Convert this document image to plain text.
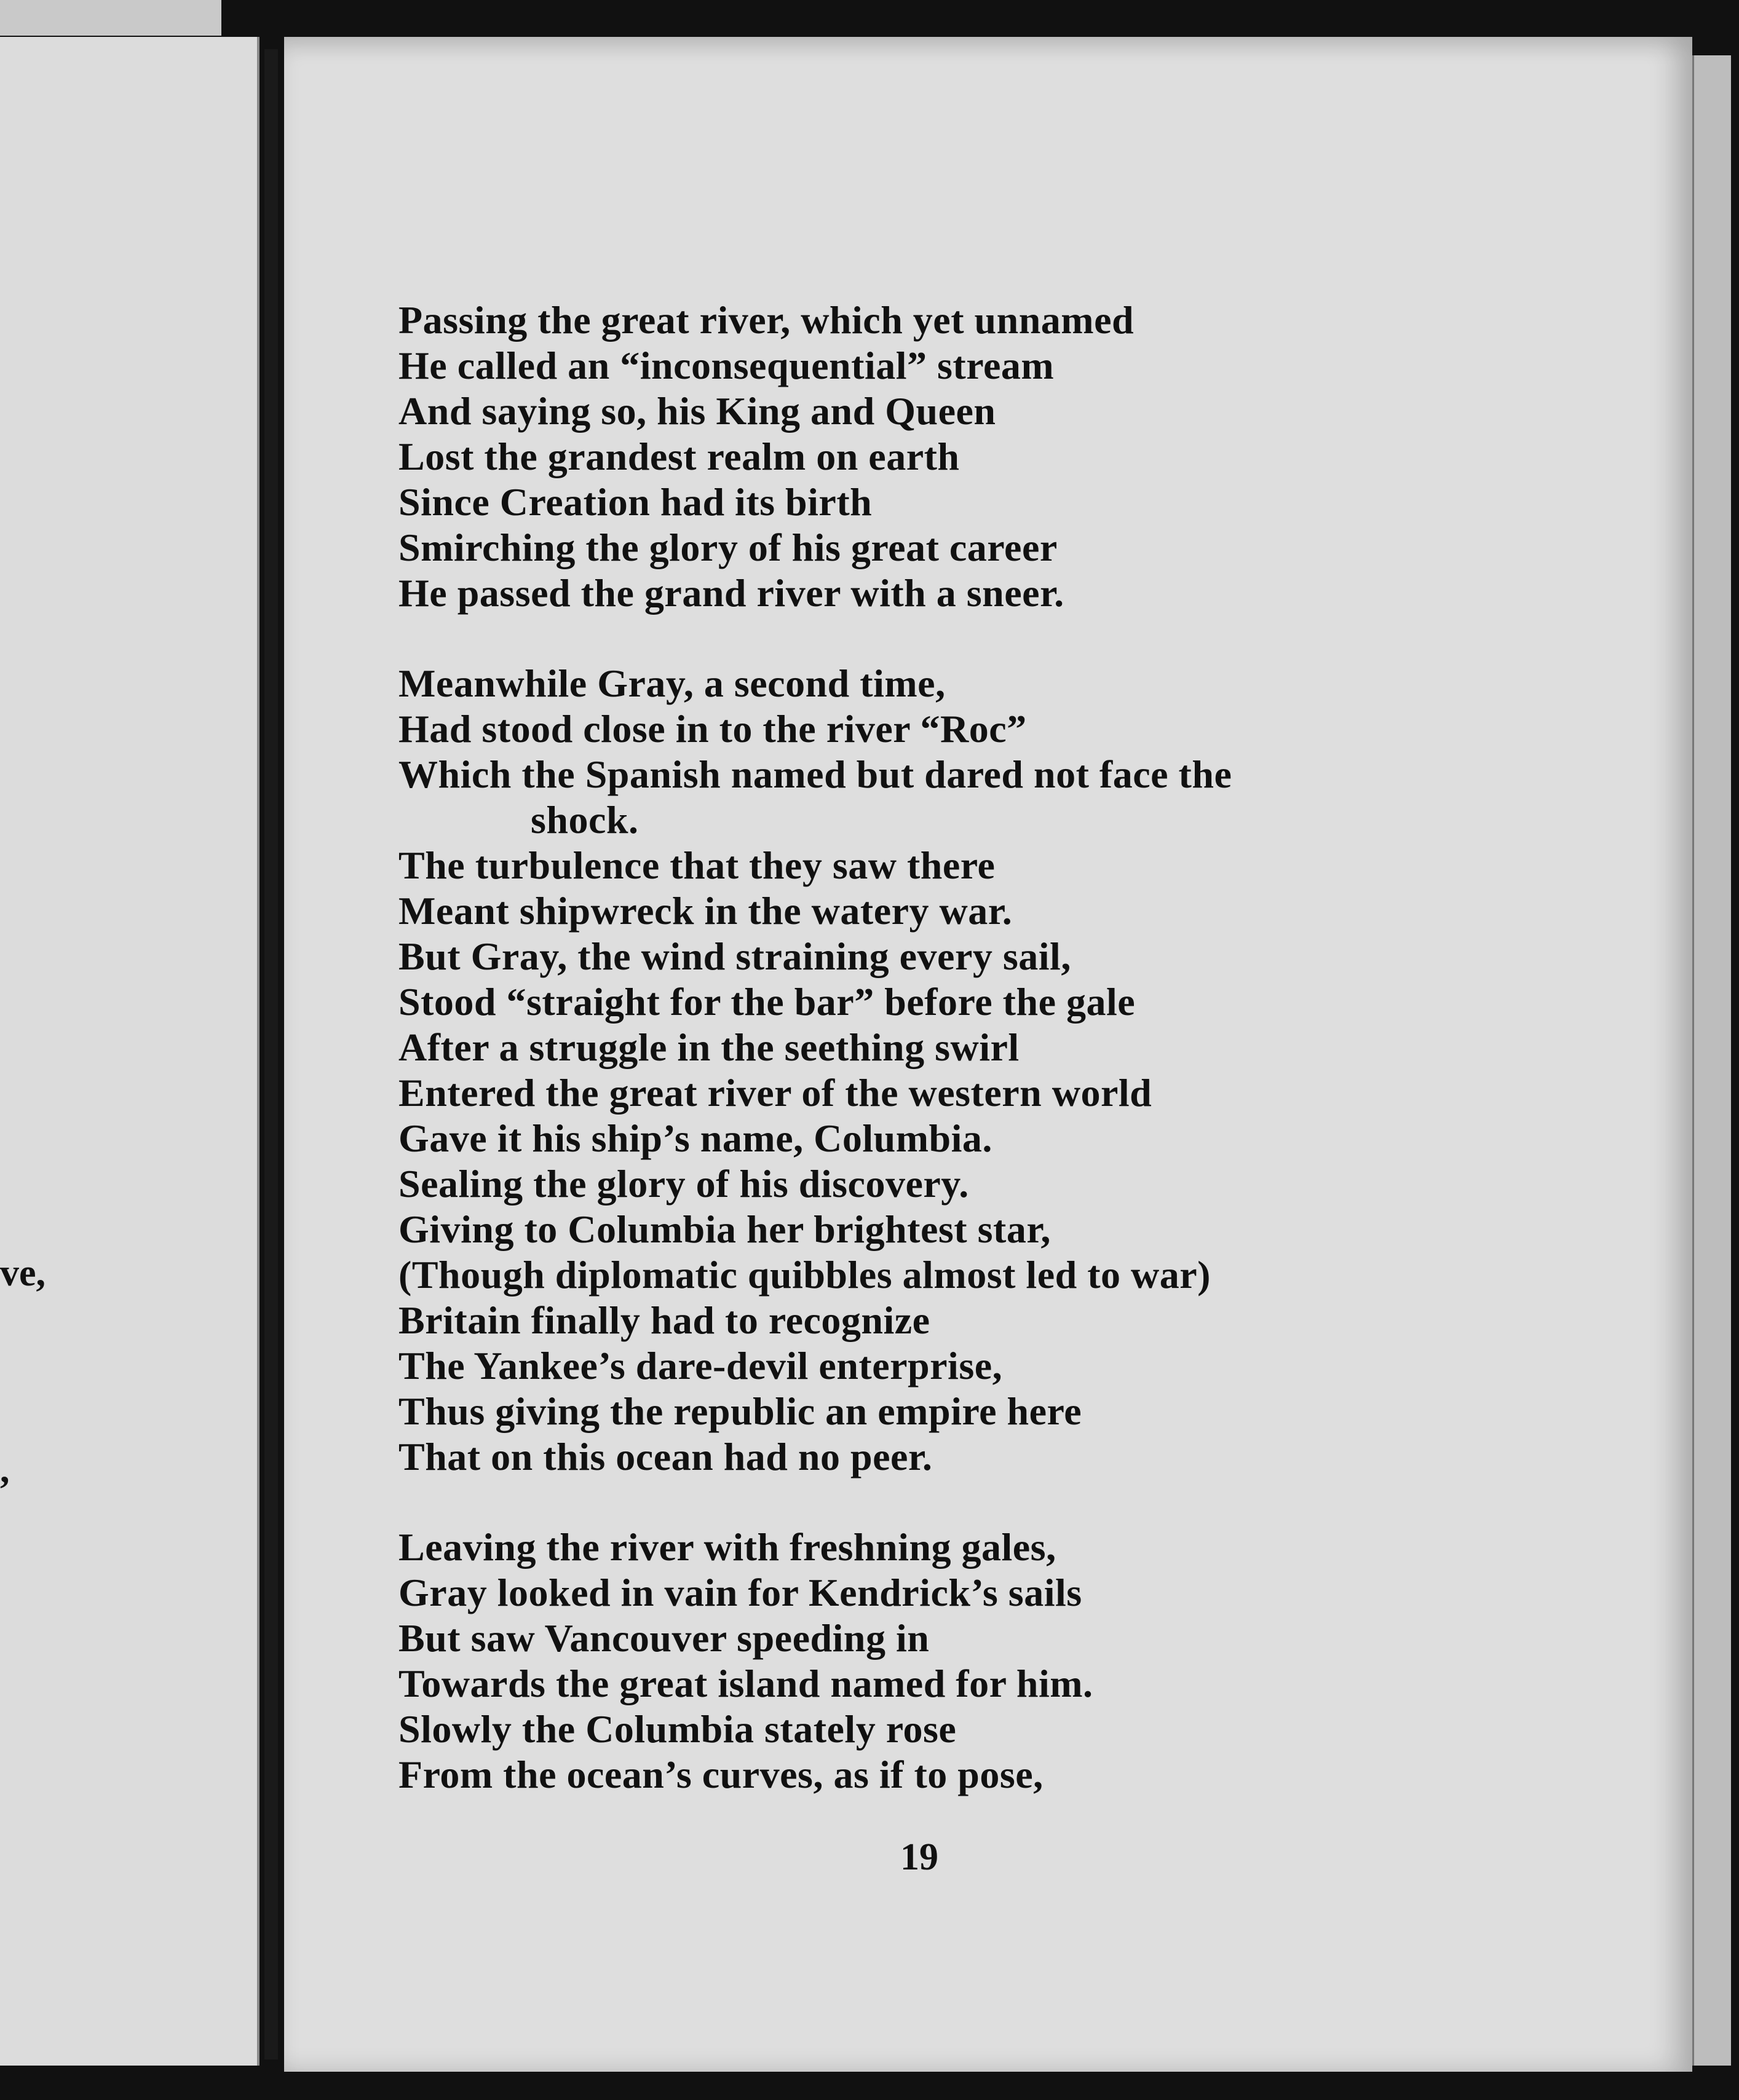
ve,
,
Passing the great river, which yet unnamed
He called an “inconsequential” stream
And saying so, his King and Queen
Lost the grandest realm on earth
Since Creation had its birth
Smirching the glory of his great career
He passed the grand river with a sneer.
Meanwhile Gray, a second time,
Had stood close in to the river “Roc”
Which the Spanish named but dared not face the
shock.
The turbulence that they saw there
Meant shipwreck in the watery war.
But Gray, the wind straining every sail,
Stood “straight for the bar” before the gale
After a struggle in the seething swirl
Entered the great river of the western world
Gave it his ship’s name, Columbia.
Sealing the glory of his discovery.
Giving to Columbia her brightest star,
(Though diplomatic quibbles almost led to war)
Britain finally had to recognize
The Yankee’s dare-devil enterprise,
Thus giving the republic an empire here
That on this ocean had no peer.
Leaving the river with freshning gales,
Gray looked in vain for Kendrick’s sails
But saw Vancouver speeding in
Towards the great island named for him.
Slowly the Columbia stately rose
From the ocean’s curves, as if to pose,
19
